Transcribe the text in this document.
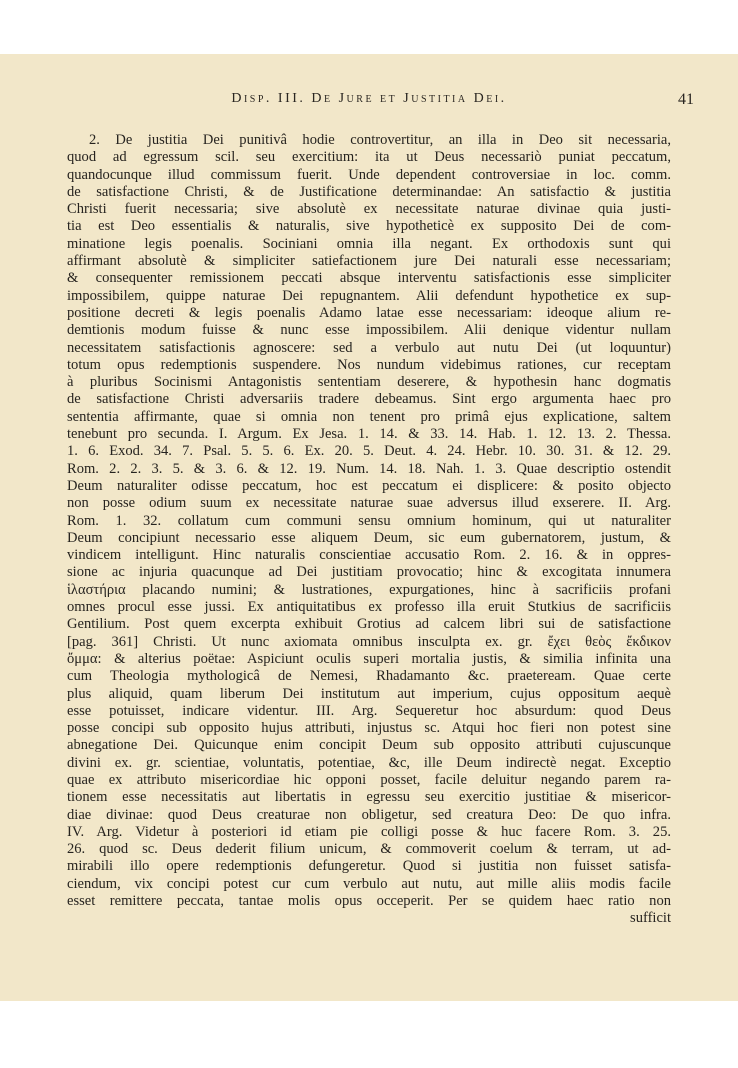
Disp. III. De Jure et Justitia Dei.	41
2. De justitia Dei punitivâ hodie controvertitur, an illa in Deo sit necessaria,
quod ad egressum scil. seu exercitium: ita ut Deus necessariò puniat peccatum,
quandocunque illud commissum fuerit. Unde dependent controversiae in loc. comm.
de satisfactione Christi, & de Justificatione determinandae: An satisfactio & justitia
Christi fuerit necessaria; sive absolutè ex necessitate naturae divinae quia justi-
tia est Deo essentialis & naturalis, sive hypotheticè ex supposito Dei de com-
minatione legis poenalis. Sociniani omnia illa negant. Ex orthodoxis sunt qui
affirmant absolutè & simpliciter satiefactionem jure Dei naturali esse necessariam;
& consequenter remissionem peccati absque interventu satisfactionis esse simpliciter
impossibilem, quippe naturae Dei repugnantem. Alii defendunt hypothetice ex sup-
positione decreti & legis poenalis Adamo latae esse necessariam: ideoque alium re-
demtionis modum fuisse & nunc esse impossibilem. Alii denique videntur nullam
necessitatem satisfactionis agnoscere: sed a verbulo aut nutu Dei (ut loquuntur)
totum opus redemptionis suspendere. Nos nundum videbimus rationes, cur receptam
à pluribus Socinismi Antagonistis sententiam deserere, & hypothesin hanc dogmatis
de satisfactione Christi adversariis tradere debeamus. Sint ergo argumenta haec pro
sententia affirmante, quae si omnia non tenent pro primâ ejus explicatione, saltem
tenebunt pro secunda. I. Argum. Ex Jesa. 1. 14. & 33. 14. Hab. 1. 12. 13. 2. Thessa.
1. 6. Exod. 34. 7. Psal. 5. 5. 6. Ex. 20. 5. Deut. 4. 24. Hebr. 10. 30. 31. & 12. 29.
Rom. 2. 2. 3. 5. & 3. 6. & 12. 19. Num. 14. 18. Nah. 1. 3. Quae descriptio ostendit
Deum naturaliter odisse peccatum, hoc est peccatum ei displicere: & posito objecto
non posse odium suum ex necessitate naturae suae adversus illud exserere. II. Arg.
Rom. 1. 32. collatum cum communi sensu omnium hominum, qui ut naturaliter
Deum concipiunt necessario esse aliquem Deum, sic eum gubernatorem, justum, &
vindicem intelligunt. Hinc naturalis conscientiae accusatio Rom. 2. 16. & in oppres-
sione ac injuria quacunque ad Dei justitiam provocatio; hinc & excogitata innumera
ἱλαστήρια placando numini; & lustrationes, expurgationes, hinc à sacrificiis profani
omnes procul esse jussi. Ex antiquitatibus ex professo illa eruit Stutkius de sacrificiis
Gentilium. Post quem excerpta exhibuit Grotius ad calcem libri sui de satisfactione
[pag. 361] Christi. Ut nunc axiomata omnibus insculpta ex. gr. ἔχει θεὸς ἔκδικον
ὄμμα: & alterius poëtae: Aspiciunt oculis superi mortalia justis, & similia infinita una
cum Theologia mythologicâ de Nemesi, Rhadamanto &c. praeteream. Quae certe
plus aliquid, quam liberum Dei institutum aut imperium, cujus oppositum aequè
esse potuisset, indicare videntur. III. Arg. Sequeretur hoc absurdum: quod Deus
posse concipi sub opposito hujus attributi, injustus sc. Atqui hoc fieri non potest sine
abnegatione Dei. Quicunque enim concipit Deum sub opposito attributi cujuscunque
divini ex. gr. scientiae, voluntatis, potentiae, &c, ille Deum indirectè negat. Exceptio
quae ex attributo misericordiae hic opponi posset, facile deluitur negando parem ra-
tionem esse necessitatis aut libertatis in egressu seu exercitio justitiae & misericor-
diae divinae: quod Deus creaturae non obligetur, sed creatura Deo: De quo infra.
IV. Arg. Videtur à posteriori id etiam pie colligi posse & huc facere Rom. 3. 25.
26. quod sc. Deus dederit filium unicum, & commoverit coelum & terram, ut ad-
mirabili illo opere redemptionis defungeretur. Quod si justitia non fuisset satisfa-
ciendum, vix concipi potest cur cum verbulo aut nutu, aut mille aliis modis facile
esset remittere peccata, tantae molis opus occeperit. Per se quidem haec ratio non
sufficit
